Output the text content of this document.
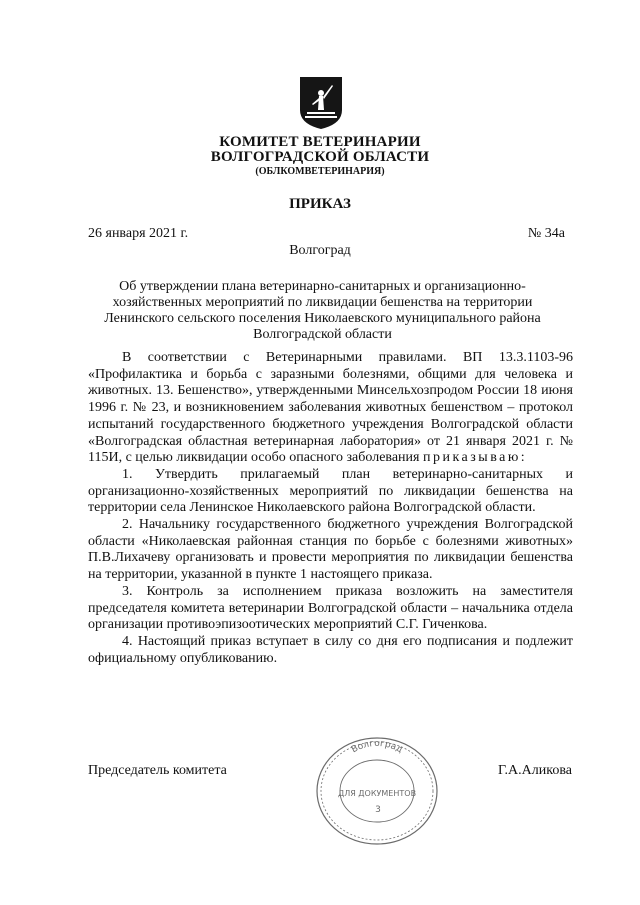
КОМИТЕТ ВЕТЕРИНАРИИ
ВОЛГОГРАДСКОЙ ОБЛАСТИ
(ОБЛКОМВЕТЕРИНАРИЯ)
ПРИКАЗ
26 января 2021 г.	№ 34а
Волгоград
Об утверждении плана ветеринарно-санитарных и организационно-хозяйственных мероприятий по ликвидации бешенства на территории Ленинского сельского поселения Николаевского муниципального района Волгоградской области

В соответствии с Ветеринарными правилами. ВП 13.3.1103-96 «Профилактика и борьба с заразными болезнями, общими для человека и животных. 13. Бешенство», утвержденными Минсельхозпродом России 18 июня 1996 г. № 23, и возникновением заболевания животных бешенством – протокол испытаний государственного бюджетного учреждения Волгоградской области «Волгоградская областная ветеринарная лаборатория» от 21 января 2021 г. № 115И, с целью ликвидации особо опасного заболевания приказываю:

1. Утвердить прилагаемый план ветеринарно-санитарных и организационно-хозяйственных мероприятий по ликвидации бешенства на территории села Ленинское Николаевского района Волгоградской области.

2. Начальнику государственного бюджетного учреждения Волгоградской области «Николаевская районная станция по борьбе с болезнями животных» П.В.Лихачеву организовать и провести мероприятия по ликвидации бешенства на территории, указанной в пункте 1 настоящего приказа.

3. Контроль за исполнением приказа возложить на заместителя председателя комитета ветеринарии Волгоградской области – начальника отдела организации противоэпизоотических мероприятий С.Г. Гиченкова.

4. Настоящий приказ вступает в силу со дня его подписания и подлежит официальному опубликованию.

Председатель комитета	Г.А.Аликова
Волгоград
ДЛЯ ДОКУМЕНТОВ
3
